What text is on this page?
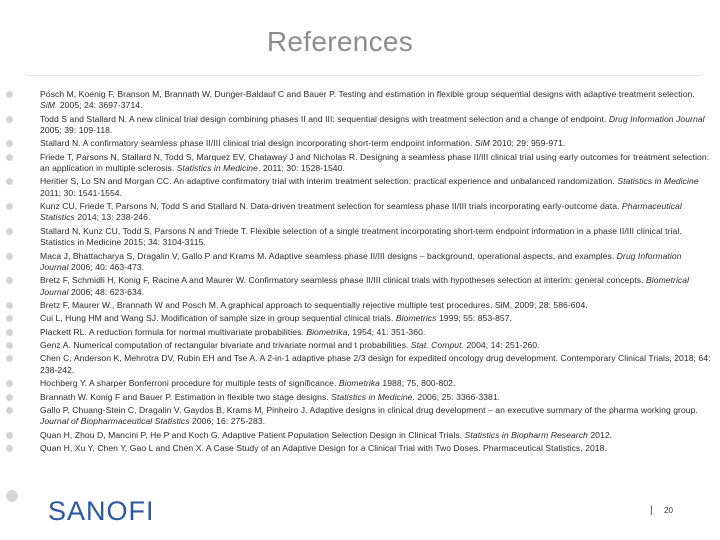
References
Posch M, Koenig F, Branson M, Brannath W, Dunger-Baldauf C and Bauer P. Testing and estimation in flexible group sequential designs with adaptive treatment selection. SiM. 2005; 24: 3697-3714.
Todd S and Stallard N. A new clinical trial design combining phases II and III: sequential designs with treatment selection and a change of endpoint. Drug Information Journal 2005; 39: 109-118.
Stallard N. A confirmatory seamless phase II/III clinical trial design incorporating short-term endpoint information. SiM 2010; 29: 959-971.
Friede T, Parsons N, Stallard N, Todd S, Marquez EV, Chataway J and Nicholas R. Designing a seamless phase II/III clinical trial using early outcomes for treatment selection: an application in multiple sclerosis. Statistics in Medicine. 2011; 30: 1528-1540.
Heritier S, Lo SN and Morgan CC. An adaptive confirmatory trial with interim treatment selection: practical experience and unbalanced randomization. Statistics in Medicine 2011; 30: 1541-1554.
Kunz CU, Friede T, Parsons N, Todd S and Stallard N. Data-driven treatment selection for seamless phase II/III trials incorporating early-outcome data. Pharmaceutical Statistics 2014; 13: 238-246.
Stallard N, Kunz CU, Todd S, Parsons N and Triede T. Flexible selection of a single treatment incorporating short-term endpoint information in a phase II/III clinical trial. Statistics in Medicine 2015; 34: 3104-3115.
Maca J, Bhattacharya S, Dragalin V, Gallo P and Krams M. Adaptive seamless phase II/III designs – background, operational aspects, and examples. Drug Information Journal 2006; 40: 463-473.
Bretz F, Schmidli H, Konig F, Racine A and Maurer W. Confirmatory seamless phase II/III clinical trials with hypotheses selection at interim: general concepts. Biometrical Journal 2006; 48: 623-634.
Bretz F, Maurer W., Brannath W and Posch M. A graphical approach to sequentially rejective multiple test procedures. SiM, 2009; 28: 586-604.
Cui L, Hung HM and Wang SJ. Modification of sample size in group sequential clinical trials. Biometrics 1999; 55: 853-857.
Plackett RL. A reduction formula for normal multivariate probabilities. Biometrika, 1954; 41: 351-360.
Genz A. Numerical computation of rectangular bivariate and trivariate normal and t probabilities. Stat. Comput. 2004; 14: 251-260.
Chen C, Anderson K, Mehrotra DV, Rubin EH and Tse A. A 2-in-1 adaptive phase 2/3 design for expedited oncology drug development. Contemporary Clinical Trials, 2018; 64: 238-242.
Hochberg Y. A sharper Bonferroni procedure for multiple tests of significance. Biometrika 1988; 75, 800-802.
Brannath W. Konig F and Bauer P. Estimation in flexible two stage designs. Statistics in Medicine. 2006; 25: 3366-3381.
Gallo P, Chuang-Stein C, Dragalin V, Gaydos B, Krams M, Pinheiro J. Adaptive designs in clinical drug development – an executive summary of the pharma working group. Journal of Biopharmaceutical Statistics 2006; 16: 275-283.
Quan H, Zhou D, Mancini P, He P and Koch G. Adaptive Patient Population Selection Design in Clinical Trials. Statistics in Biopharm Research 2012.
Quan H, Xu Y, Chen Y, Gao L and Chen X. A Case Study of an Adaptive Design for a Clinical Trial with Two Doses. Pharmaceutical Statistics, 2018.
SANOFI	| 20
